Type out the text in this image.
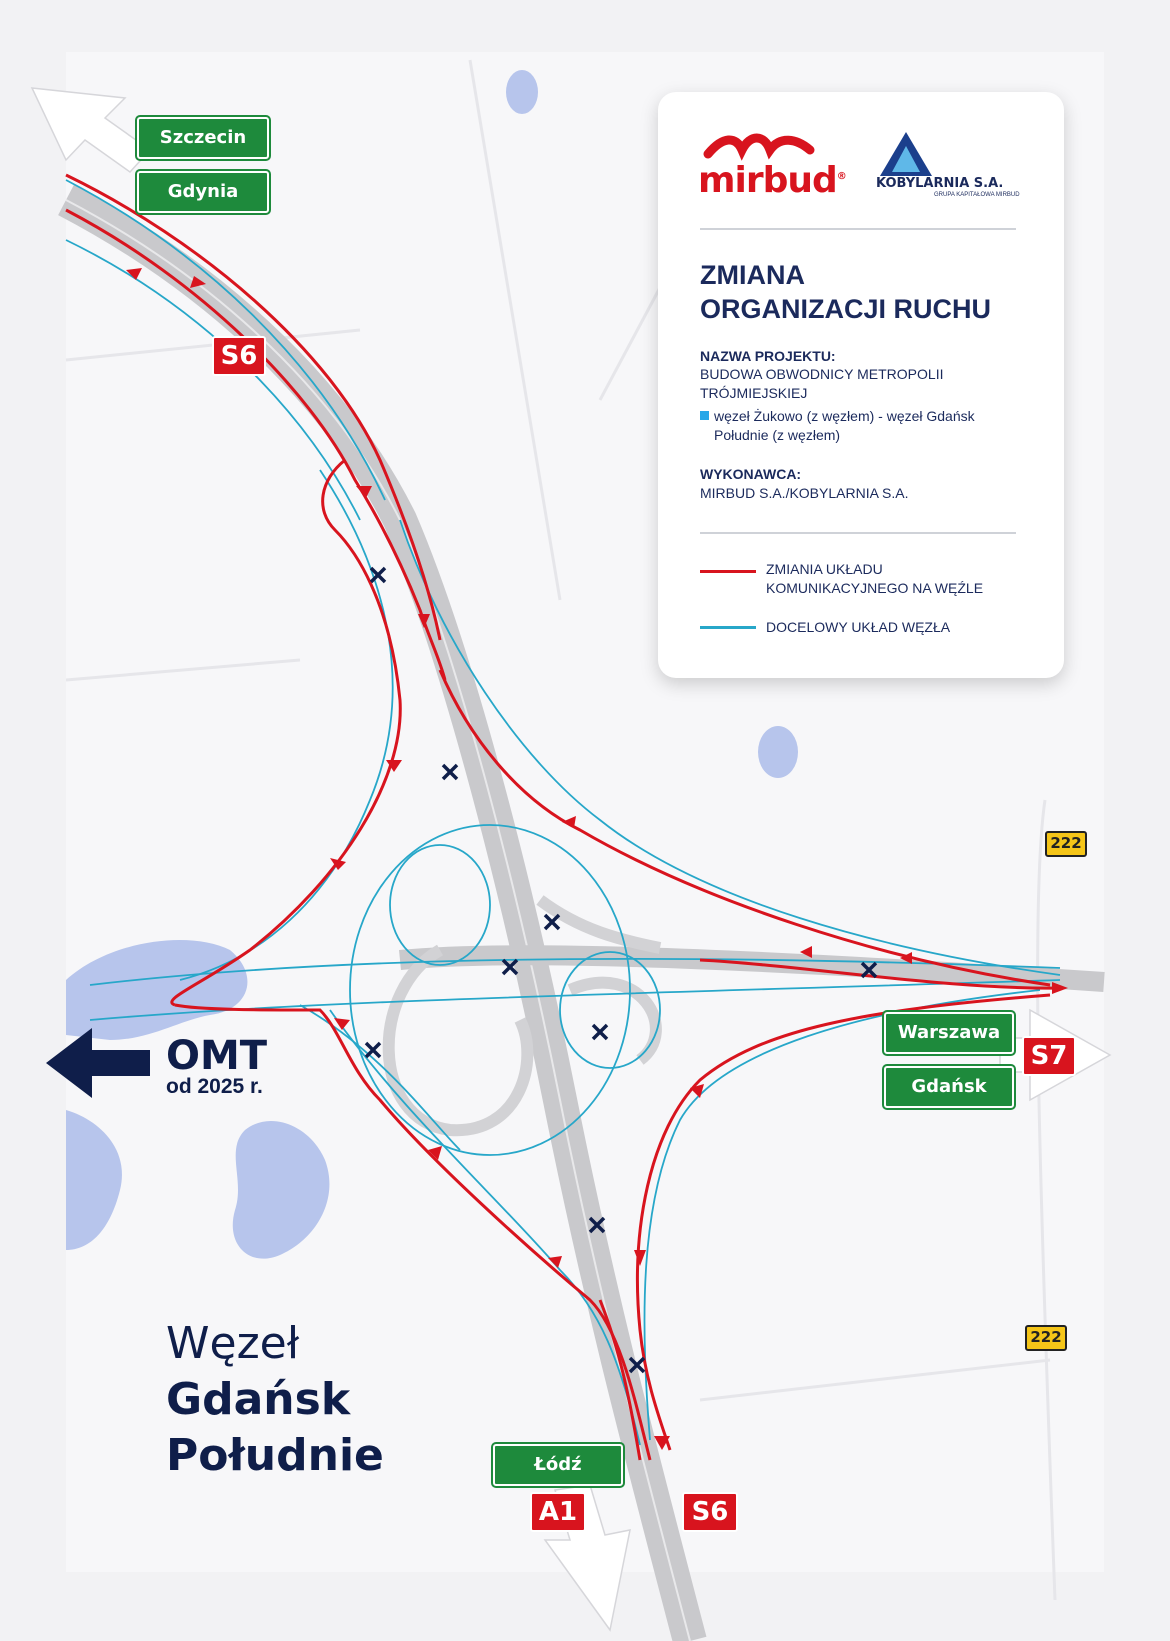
Szczecin
Gdynia
Warszawa
Gdańsk
Łódź
S6
S7
A1	S6
222
222
OMT
od 2025 r.
Węzeł
Gdańsk
Południe
mirbud® KOBYLARNIA S.A.
GRUPA KAPITAŁOWA MIRBUD
ZMIANA
ORGANIZACJI RUCHU
NAZWA PROJEKTU:
BUDOWA OBWODNICY METROPOLII
TRÓJMIEJSKIEJ
węzeł Żukowo (z węzłem) - węzeł Gdańsk
Południe (z węzłem)
WYKONAWCA:
MIRBUD S.A./KOBYLARNIA S.A.
ZMIANIA UKŁADU
KOMUNIKACYJNEGO NA WĘŹLE
DOCELOWY UKŁAD WĘZŁA
